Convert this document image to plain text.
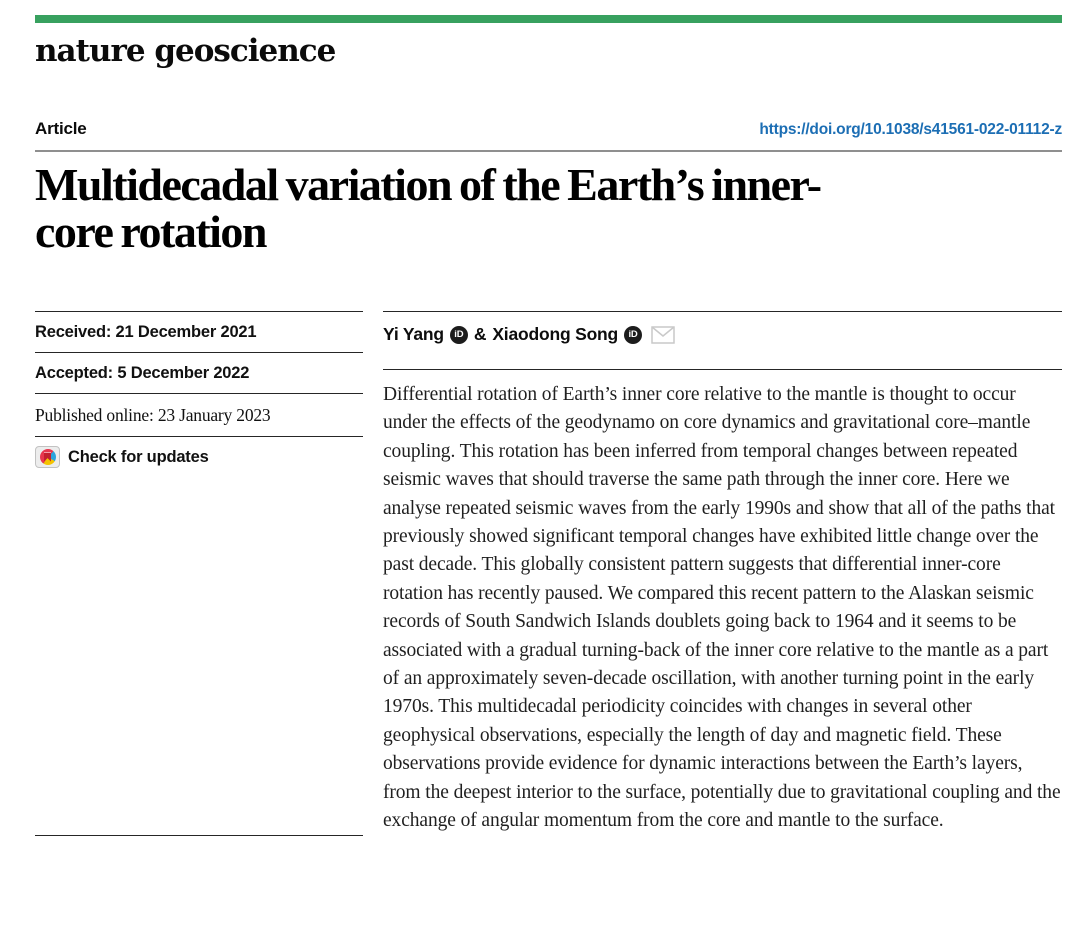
nature geoscience
Article	https://doi.org/10.1038/s41561-022-01112-z
Multidecadal variation of the Earth’s inner-core rotation
Received: 21 December 2021
Accepted: 5 December 2022
Published online: 23 January 2023
Check for updates
Yi Yang	iD & Xiaodong Song	iD
Differential rotation of Earth’s inner core relative to the mantle is thought to occur under the effects of the geodynamo on core dynamics and gravitational core–mantle coupling. This rotation has been inferred from temporal changes between repeated seismic waves that should traverse the same path through the inner core. Here we analyse repeated seismic waves from the early 1990s and show that all of the paths that previously showed significant temporal changes have exhibited little change over the past decade. This globally consistent pattern suggests that differential inner-core rotation has recently paused. We compared this recent pattern to the Alaskan seismic records of South Sandwich Islands doublets going back to 1964 and it seems to be associated with a gradual turning-back of the inner core relative to the mantle as a part of an approximately seven-decade oscillation, with another turning point in the early 1970s. This multidecadal periodicity coincides with changes in several other geophysical observations, especially the length of day and magnetic field. These observations provide evidence for dynamic interactions between the Earth’s layers, from the deepest interior to the surface, potentially due to gravitational coupling and the exchange of angular momentum from the core and mantle to the surface.
